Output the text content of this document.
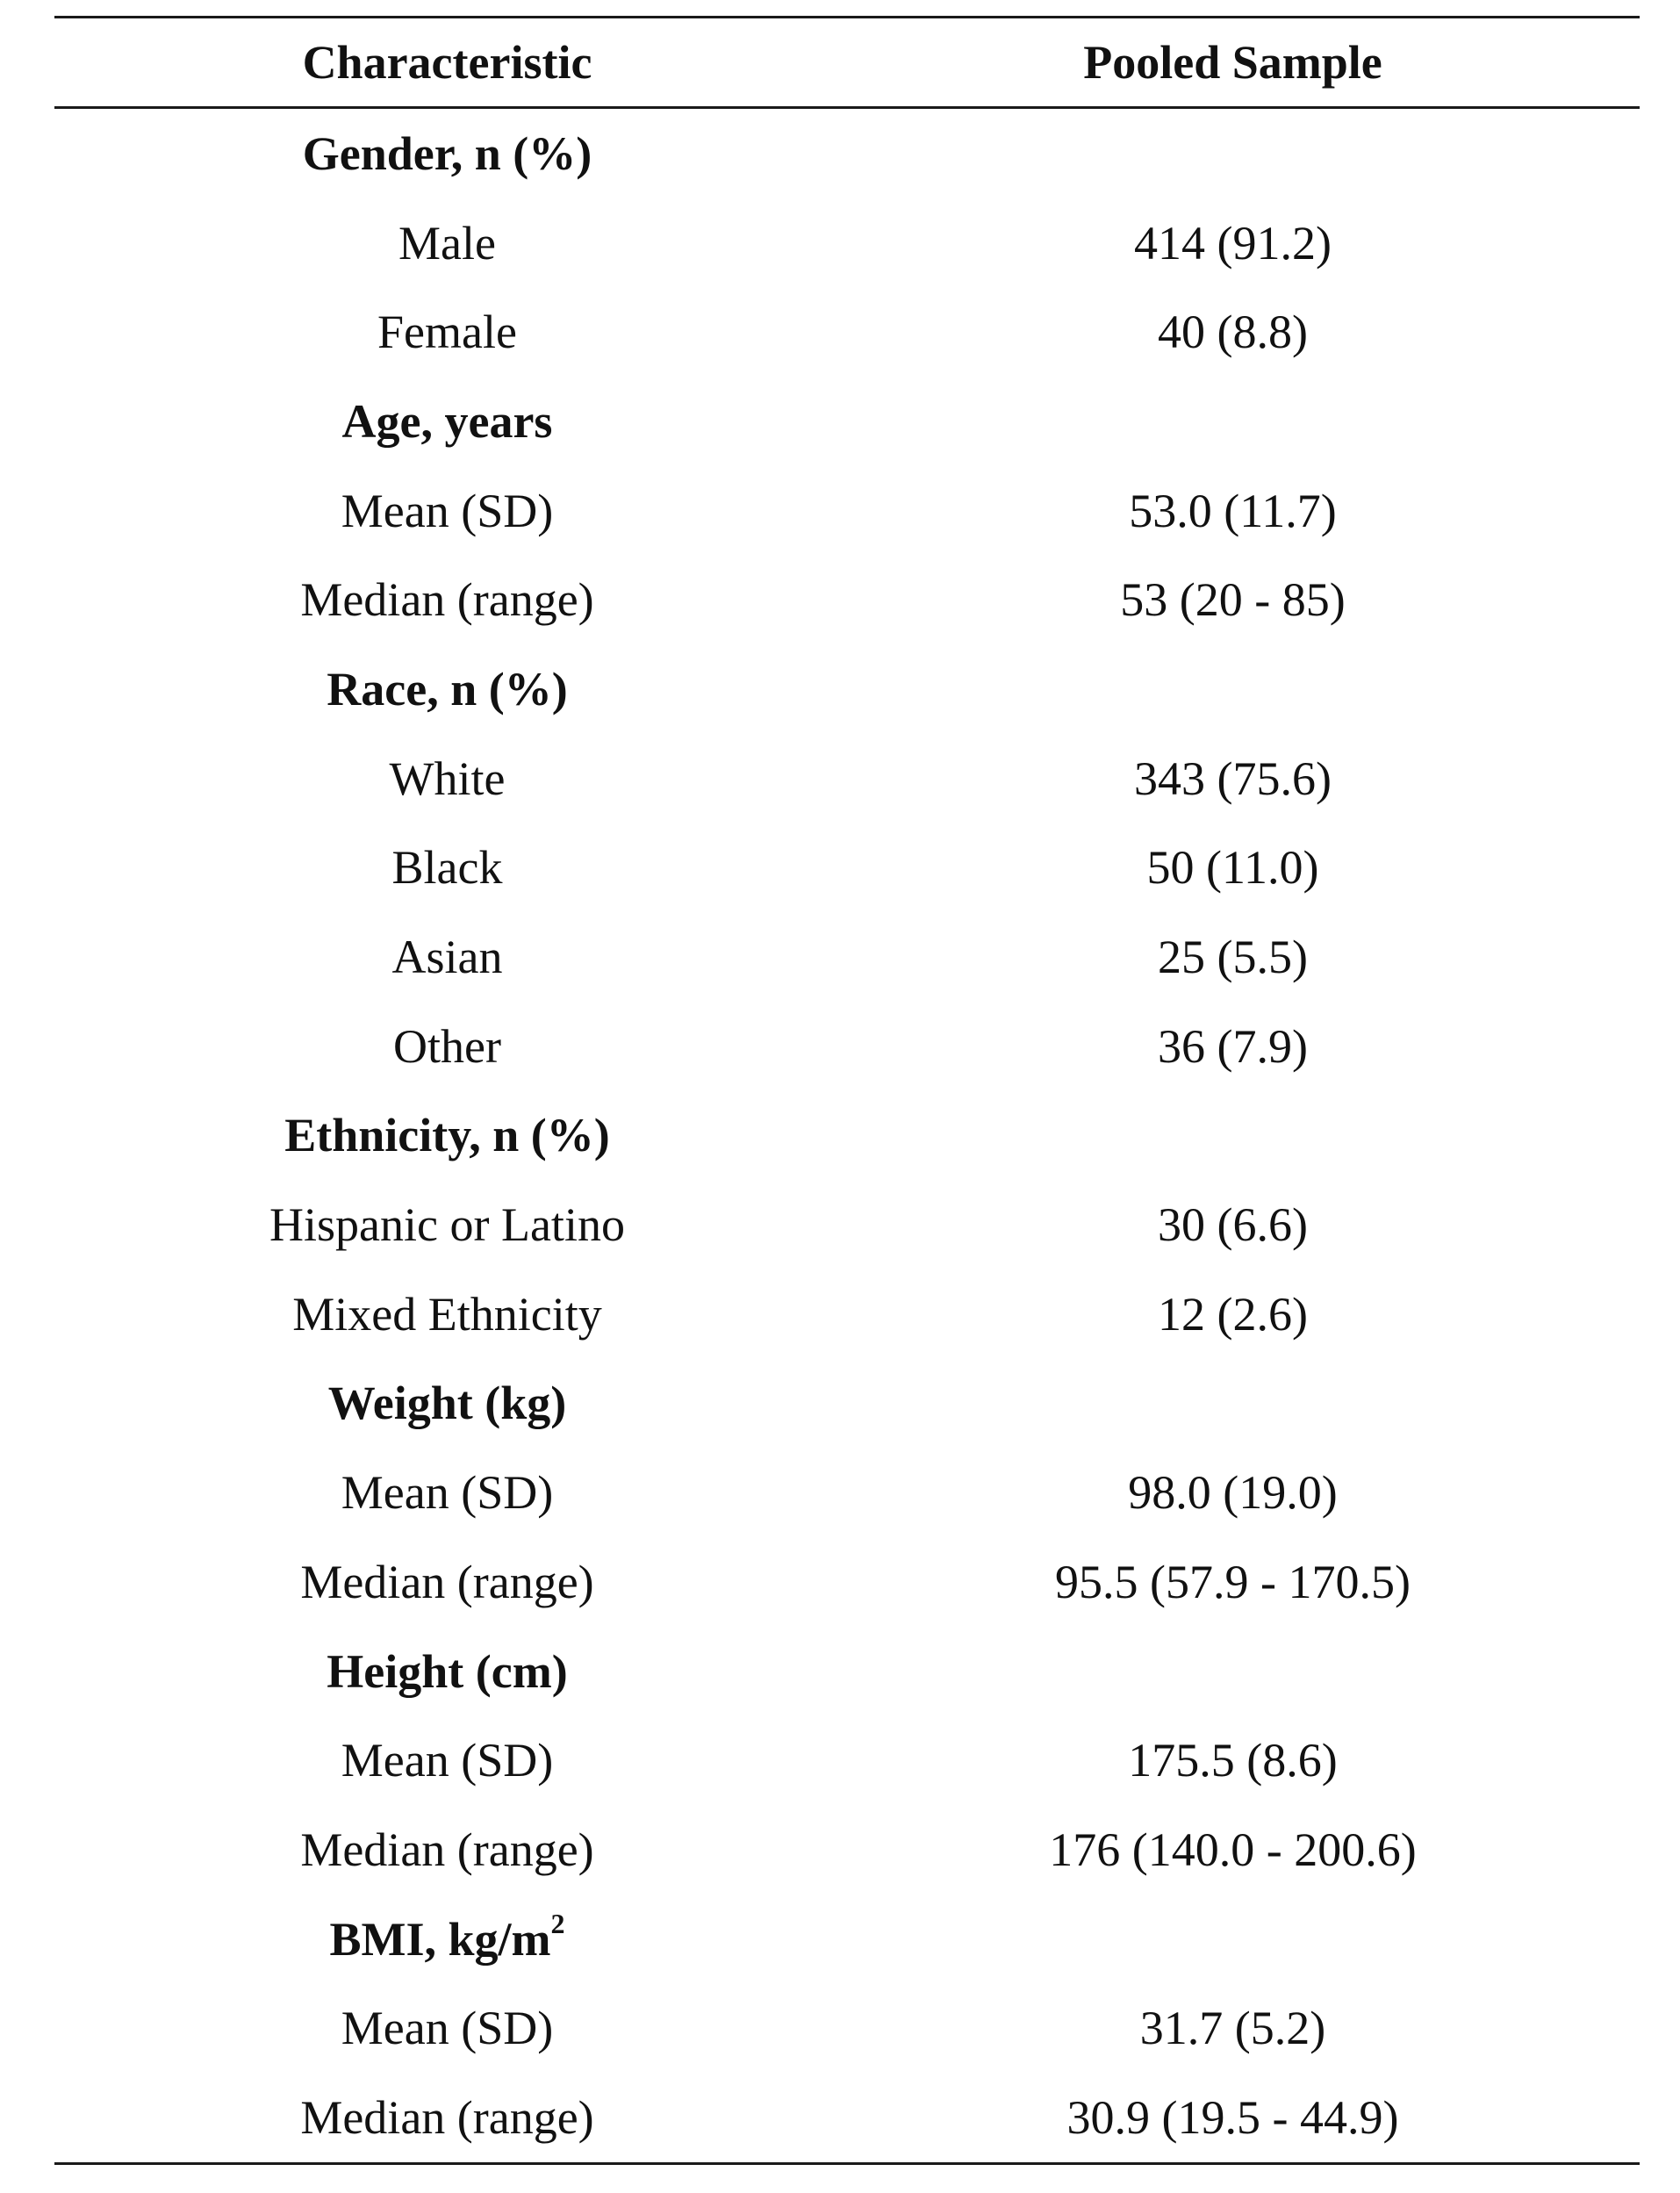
Characteristic	Pooled Sample
Gender, n (%)
Male	414 (91.2)
Female	40 (8.8)
Age, years
Mean (SD)	53.0 (11.7)
Median (range)	53 (20 - 85)
Race, n (%)
White	343 (75.6)
Black	50 (11.0)
Asian	25 (5.5)
Other	36 (7.9)
Ethnicity, n (%)
Hispanic or Latino	30 (6.6)
Mixed Ethnicity	12 (2.6)
Weight (kg)
Mean (SD)	98.0 (19.0)
Median (range)	95.5 (57.9 - 170.5)
Height (cm)
Mean (SD)	175.5 (8.6)
Median (range)	176 (140.0 - 200.6)
BMI, $kg/m^2$
Mean (SD)	31.7 (5.2)
Median (range)	30.9 (19.5 - 44.9)
